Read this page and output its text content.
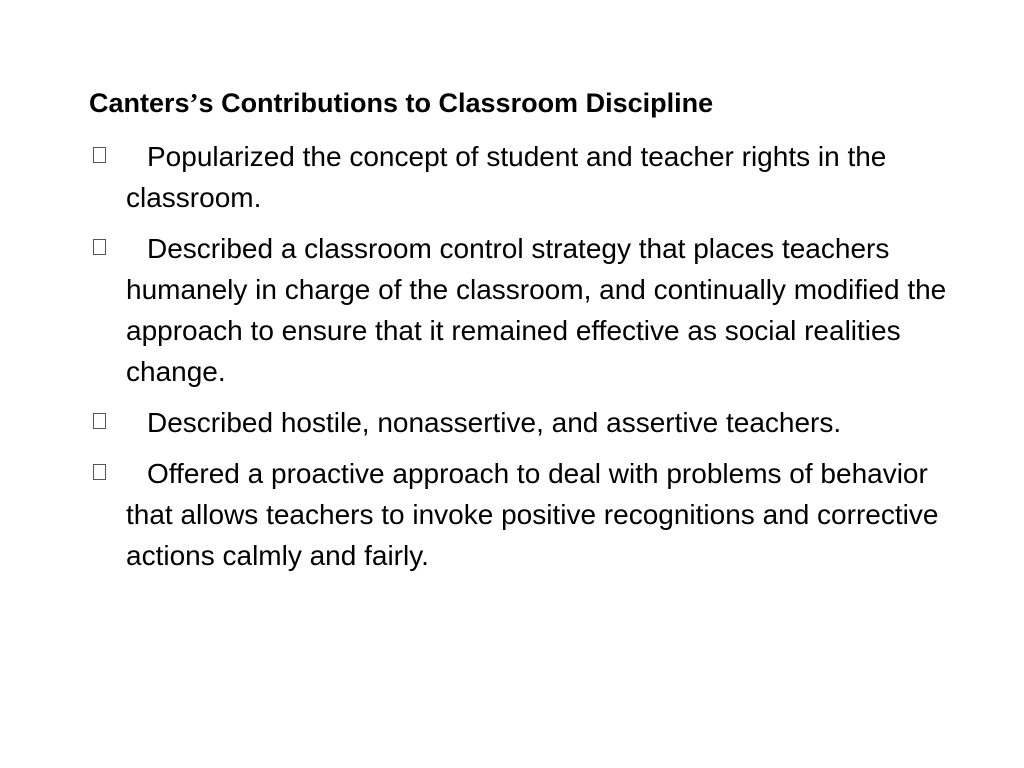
Canters’s Contributions to Classroom Discipline
Popularized the concept of student and teacher rights in the classroom.
Described a classroom control strategy that places teachers humanely in charge of the classroom, and continually modified the approach to ensure that it remained effective as social realities change.
Described hostile, nonassertive, and assertive teachers.
Offered a proactive approach to deal with problems of behavior that allows teachers to invoke positive recognitions and corrective actions calmly and fairly.
